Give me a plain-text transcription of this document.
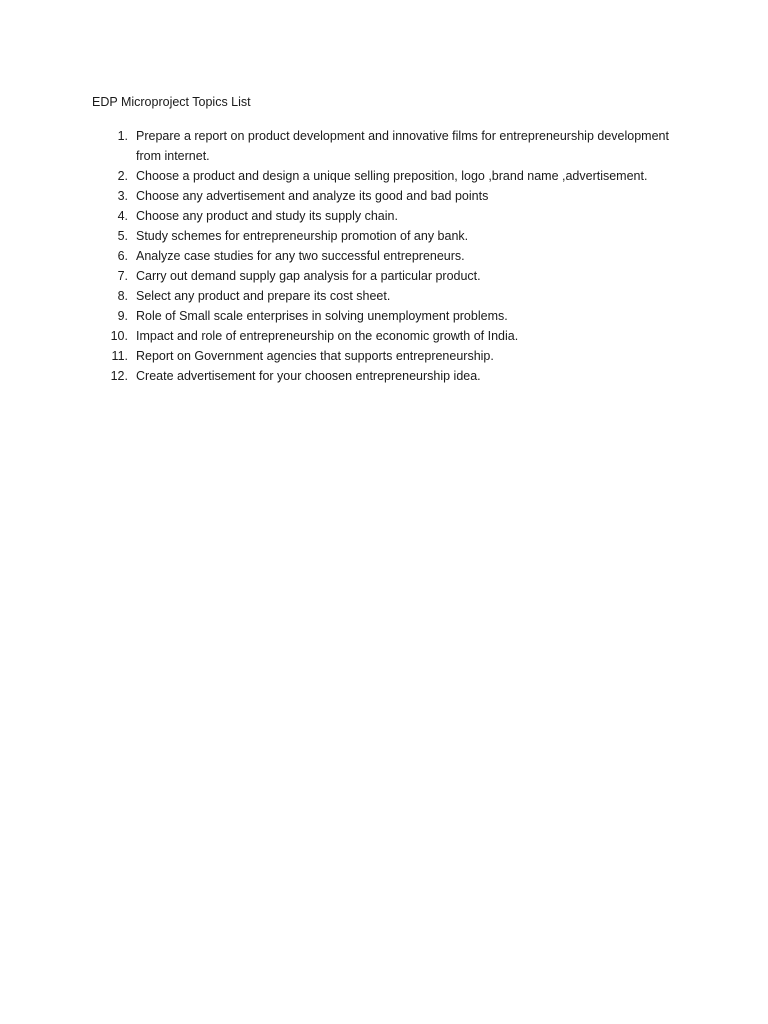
EDP Microproject Topics List
1. Prepare a report on product development and innovative films for entrepreneurship development from internet.
2. Choose a product and design a unique selling preposition, logo ,brand name ,advertisement.
3. Choose any advertisement and analyze its good and bad points
4. Choose any product and study its supply chain.
5. Study schemes for entrepreneurship promotion of any bank.
6. Analyze case studies for any two successful entrepreneurs.
7. Carry out demand supply gap analysis for a particular product.
8. Select any product and prepare its cost sheet.
9. Role of Small scale enterprises in solving unemployment problems.
10. Impact and role of entrepreneurship on the economic growth of India.
11. Report on Government agencies that supports entrepreneurship.
12. Create advertisement for your choosen entrepreneurship idea.
